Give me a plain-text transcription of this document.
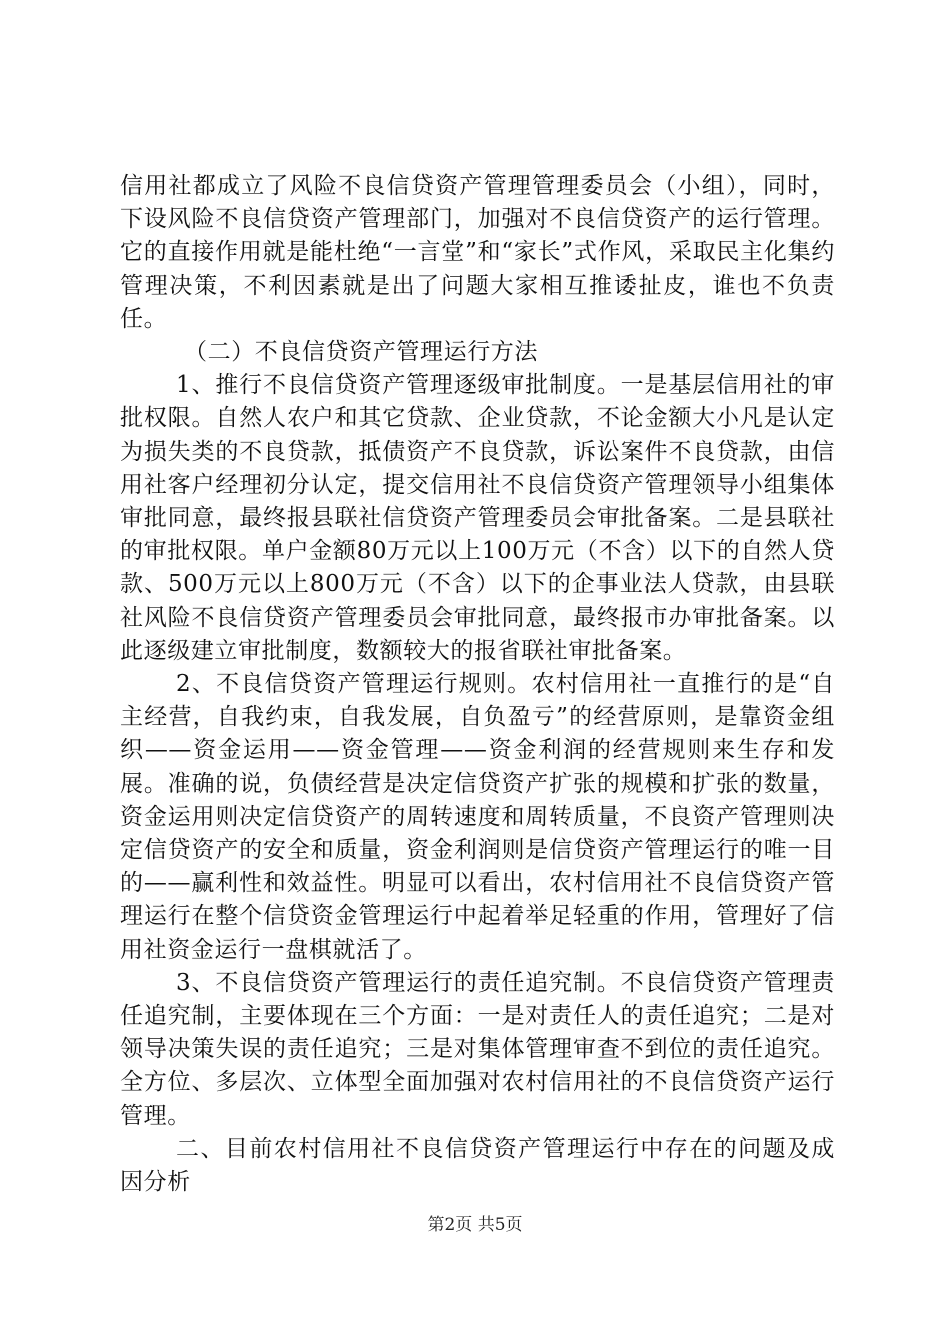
信用社都成立了风险不良信贷资产管理管理委员会（小组），同时，下设风险不良信贷资产管理部门，加强对不良信贷资产的运行管理。它的直接作用就是能杜绝“一言堂”和“家长”式作风，采取民主化集约管理决策，不利因素就是出了问题大家相互推诿扯皮，谁也不负责任。

（二）不良信贷资产管理运行方法

1、推行不良信贷资产管理逐级审批制度。一是基层信用社的审批权限。自然人农户和其它贷款、企业贷款，不论金额大小凡是认定为损失类的不良贷款，抵债资产不良贷款，诉讼案件不良贷款，由信用社客户经理初分认定，提交信用社不良信贷资产管理领导小组集体审批同意，最终报县联社信贷资产管理委员会审批备案。二是县联社的审批权限。单户金额80万元以上100万元（不含）以下的自然人贷款、500万元以上800万元（不含）以下的企事业法人贷款，由县联社风险不良信贷资产管理委员会审批同意，最终报市办审批备案。以此逐级建立审批制度，数额较大的报省联社审批备案。

2、不良信贷资产管理运行规则。农村信用社一直推行的是“自主经营，自我约束，自我发展，自负盈亏”的经营原则，是靠资金组织——资金运用——资金管理——资金利润的经营规则来生存和发展。准确的说，负债经营是决定信贷资产扩张的规模和扩张的数量，资金运用则决定信贷资产的周转速度和周转质量，不良资产管理则决定信贷资产的安全和质量，资金利润则是信贷资产管理运行的唯一目的——赢利性和效益性。明显可以看出，农村信用社不良信贷资产管理运行在整个信贷资金管理运行中起着举足轻重的作用，管理好了信用社资金运行一盘棋就活了。

3、不良信贷资产管理运行的责任追究制。不良信贷资产管理责任追究制，主要体现在三个方面：一是对责任人的责任追究；二是对领导决策失误的责任追究；三是对集体管理审查不到位的责任追究。全方位、多层次、立体型全面加强对农村信用社的不良信贷资产运行管理。

二、目前农村信用社不良信贷资产管理运行中存在的问题及成因分析

第2页 共5页
